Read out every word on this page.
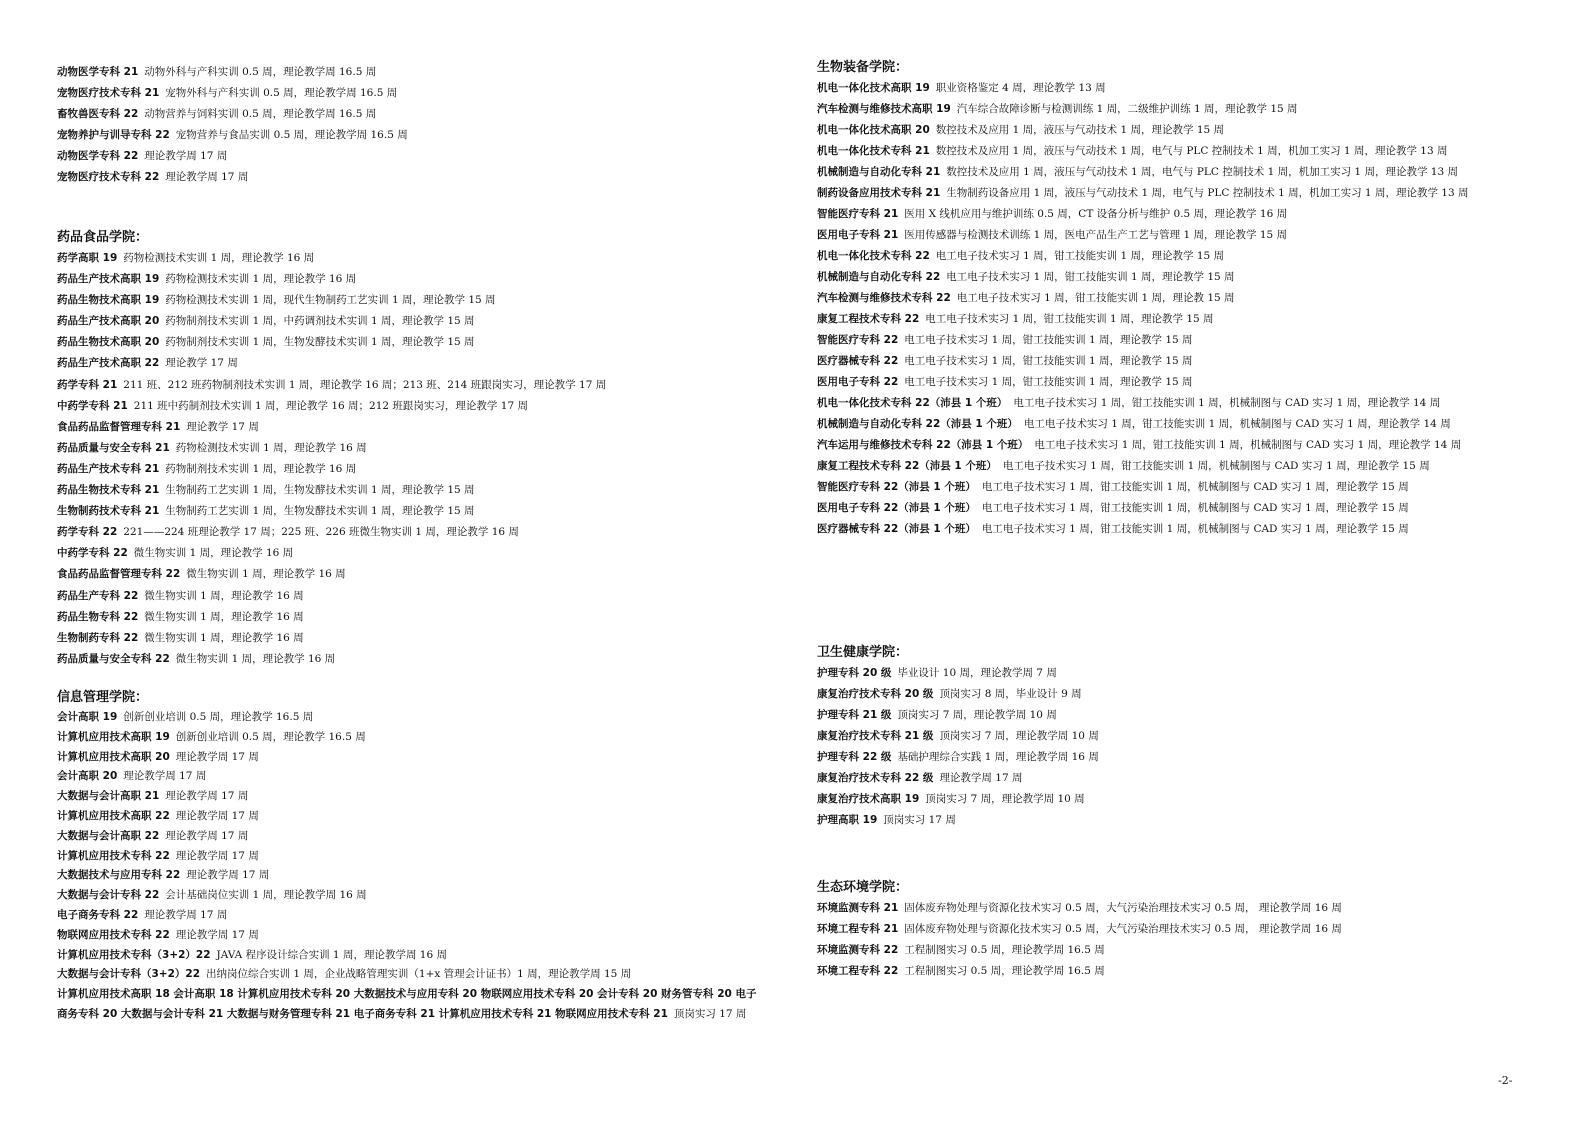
动物医学专科 21 动物外科与产科实训 0.5 周，理论教学周 16.5 周
宠物医疗技术专科 21 宠物外科与产科实训 0.5 周，理论教学周 16.5 周
畜牧兽医专科 22 动物营养与饲料实训 0.5 周，理论教学周 16.5 周
宠物养护与训导专科 22 宠物营养与食品实训 0.5 周，理论教学周 16.5 周
动物医学专科 22 理论教学周 17 周
宠物医疗技术专科 22 理论教学周 17 周
药品食品学院：
药学高职 19 药物检测技术实训 1 周，理论教学 16 周
药品生产技术高职 19 药物检测技术实训 1 周，理论教学 16 周
药品生物技术高职 19 药物检测技术实训 1 周，现代生物制药工艺实训 1 周，理论教学 15 周
药品生产技术高职 20 药物制剂技术实训 1 周，中药调剂技术实训 1 周，理论教学 15 周
药品生物技术高职 20 药物制剂技术实训 1 周，生物发酵技术实训 1 周，理论教学 15 周
药品生产技术高职 22 理论教学 17 周
药学专科 21 211 班、212 班药物制剂技术实训 1 周，理论教学 16 周；213 班、214 班跟岗实习，理论教学 17 周
中药学专科 21 211 班中药制剂技术实训 1 周，理论教学 16 周；212 班跟岗实习，理论教学 17 周
食品药品监督管理专科 21 理论教学 17 周
药品质量与安全专科 21 药物检测技术实训 1 周，理论教学 16 周
药品生产技术专科 21 药物制剂技术实训 1 周，理论教学 16 周
药品生物技术专科 21 生物制药工艺实训 1 周，生物发酵技术实训 1 周，理论教学 15 周
生物制药技术专科 21 生物制药工艺实训 1 周，生物发酵技术实训 1 周，理论教学 15 周
药学专科 22 221——224 班理论教学 17 周；225 班、226 班微生物实训 1 周，理论教学 16 周
中药学专科 22 微生物实训 1 周，理论教学 16 周
食品药品监督管理专科 22 微生物实训 1 周，理论教学 16 周
药品生产专科 22 微生物实训 1 周，理论教学 16 周
药品生物专科 22 微生物实训 1 周，理论教学 16 周
生物制药专科 22 微生物实训 1 周，理论教学 16 周
药品质量与安全专科 22 微生物实训 1 周，理论教学 16 周
信息管理学院：
会计高职 19 创新创业培训 0.5 周，理论教学 16.5 周
计算机应用技术高职 19 创新创业培训 0.5 周，理论教学 16.5 周
计算机应用技术高职 20 理论教学周 17 周
会计高职 20 理论教学周 17 周
大数据与会计高职 21 理论教学周 17 周
计算机应用技术高职 22 理论教学周 17 周
大数据与会计高职 22 理论教学周 17 周
计算机应用技术专科 22 理论教学周 17 周
大数据技术与应用专科 22 理论教学周 17 周
大数据与会计专科 22 会计基础岗位实训 1 周，理论教学周 16 周
电子商务专科 22 理论教学周 17 周
物联网应用技术专科 22 理论教学周 17 周
计算机应用技术专科（3+2）22 JAVA 程序设计综合实训 1 周，理论教学周 16 周
大数据与会计专科（3+2）22 出纳岗位综合实训 1 周，企业战略管理实训（1+x 管理会计证书）1 周，理论教学周 15 周
计算机应用技术高职 18 会计高职 18 计算机应用技术专科 20 大数据技术与应用专科 20 物联网应用技术专科 20 会计专科 20 财务管专科 20 电子商务专科 20 大数据与会计专科 21 大数据与财务管理专科 21 电子商务专科 21 计算机应用技术专科 21 物联网应用技术专科 21 顶岗实习 17 周
生物装备学院：
机电一体化技术高职 19 职业资格鉴定 4 周，理论教学 13 周
汽车检测与维修技术高职 19 汽车综合故障诊断与检测训练 1 周，二级维护训练 1 周，理论教学 15 周
机电一体化技术高职 20 数控技术及应用 1 周，液压与气动技术 1 周，理论教学 15 周
机电一体化技术专科 21 数控技术及应用 1 周，液压与气动技术 1 周，电气与 PLC 控制技术 1 周，机加工实习 1 周，理论教学 13 周
机械制造与自动化专科 21 数控技术及应用 1 周，液压与气动技术 1 周，电气与 PLC 控制技术 1 周，机加工实习 1 周，理论教学 13 周
制药设备应用技术专科 21 生物制药设备应用 1 周，液压与气动技术 1 周，电气与 PLC 控制技术 1 周，机加工实习 1 周，理论教学 13 周
智能医疗专科 21 医用 X 线机应用与维护训练 0.5 周，CT 设备分析与维护 0.5 周，理论教学 16 周
医用电子专科 21 医用传感器与检测技术训练 1 周，医电产品生产工艺与管理 1 周，理论教学 15 周
机电一体化技术专科 22 电工电子技术实习 1 周，钳工技能实训 1 周，理论教学 15 周
机械制造与自动化专科 22 电工电子技术实习 1 周，钳工技能实训 1 周，理论教学 15 周
汽车检测与维修技术专科 22 电工电子技术实习 1 周，钳工技能实训 1 周，理论教 15 周
康复工程技术专科 22 电工电子技术实习 1 周，钳工技能实训 1 周，理论教学 15 周
智能医疗专科 22 电工电子技术实习 1 周，钳工技能实训 1 周，理论教学 15 周
医疗器械专科 22 电工电子技术实习 1 周，钳工技能实训 1 周，理论教学 15 周
医用电子专科 22 电工电子技术实习 1 周，钳工技能实训 1 周，理论教学 15 周
机电一体化技术专科 22（沛县 1 个班） 电工电子技术实习 1 周，钳工技能实训 1 周，机械制图与 CAD 实习 1 周，理论教学 14 周
机械制造与自动化专科 22（沛县 1 个班） 电工电子技术实习 1 周，钳工技能实训 1 周，机械制图与 CAD 实习 1 周，理论教学 14 周
汽车运用与维修技术专科 22（沛县 1 个班） 电工电子技术实习 1 周，钳工技能实训 1 周，机械制图与 CAD 实习 1 周，理论教学 14 周
康复工程技术专科 22（沛县 1 个班） 电工电子技术实习 1 周，钳工技能实训 1 周，机械制图与 CAD 实习 1 周，理论教学 15 周
智能医疗专科 22（沛县 1 个班） 电工电子技术实习 1 周，钳工技能实训 1 周，机械制图与 CAD 实习 1 周，理论教学 15 周
医用电子专科 22（沛县 1 个班） 电工电子技术实习 1 周，钳工技能实训 1 周，机械制图与 CAD 实习 1 周，理论教学 15 周
医疗器械专科 22（沛县 1 个班） 电工电子技术实习 1 周，钳工技能实训 1 周，机械制图与 CAD 实习 1 周，理论教学 15 周
卫生健康学院：
护理专科 20 级 毕业设计 10 周，理论教学周 7 周
康复治疗技术专科 20 级 顶岗实习 8 周，毕业设计 9 周
护理专科 21 级 顶岗实习 7 周，理论教学周 10 周
康复治疗技术专科 21 级 顶岗实习 7 周，理论教学周 10 周
护理专科 22 级 基础护理综合实践 1 周，理论教学周 16 周
康复治疗技术专科 22 级 理论教学周 17 周
康复治疗技术高职 19 顶岗实习 7 周，理论教学周 10 周
护理高职 19 顶岗实习 17 周
生态环境学院：
环境监测专科 21 固体废弃物处理与资源化技术实习 0.5 周，大气污染治理技术实习 0.5 周， 理论教学周 16 周
环境工程专科 21 固体废弃物处理与资源化技术实习 0.5 周，大气污染治理技术实习 0.5 周， 理论教学周 16 周
环境监测专科 22 工程制图实习 0.5 周，理论教学周 16.5 周
环境工程专科 22 工程制图实习 0.5 周，理论教学周 16.5 周
-2-
